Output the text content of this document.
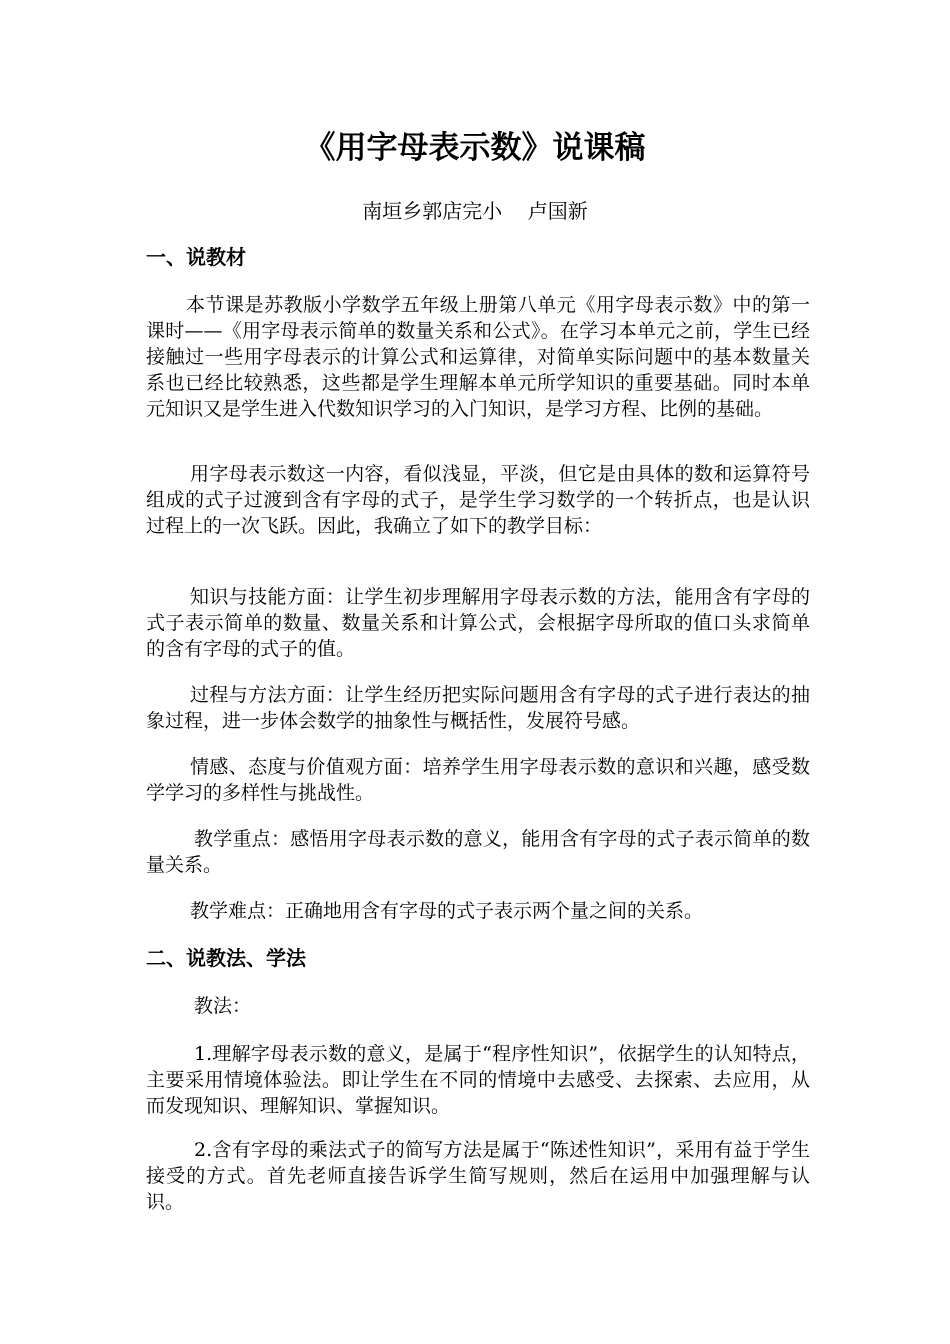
《用字母表示数》说课稿
南垣乡郭店完小    卢国新
一、说教材

本节课是苏教版小学数学五年级上册第八单元《用字母表示数》中的第一课时——《用字母表示简单的数量关系和公式》。在学习本单元之前，学生已经接触过一些用字母表示的计算公式和运算律，对简单实际问题中的基本数量关系也已经比较熟悉，这些都是学生理解本单元所学知识的重要基础。同时本单元知识又是学生进入代数知识学习的入门知识，是学习方程、比例的基础。

用字母表示数这一内容，看似浅显，平淡，但它是由具体的数和运算符号组成的式子过渡到含有字母的式子，是学生学习数学的一个转折点，也是认识过程上的一次飞跃。因此，我确立了如下的教学目标：

知识与技能方面：让学生初步理解用字母表示数的方法，能用含有字母的式子表示简单的数量、数量关系和计算公式，会根据字母所取的值口头求简单的含有字母的式子的值。

过程与方法方面：让学生经历把实际问题用含有字母的式子进行表达的抽象过程，进一步体会数学的抽象性与概括性，发展符号感。

情感、态度与价值观方面：培养学生用字母表示数的意识和兴趣，感受数学学习的多样性与挑战性。

教学重点：感悟用字母表示数的意义，能用含有字母的式子表示简单的数量关系。

教学难点：正确地用含有字母的式子表示两个量之间的关系。

二、说教法、学法

教法：

1.理解字母表示数的意义，是属于“程序性知识”，依据学生的认知特点，主要采用情境体验法。即让学生在不同的情境中去感受、去探索、去应用，从而发现知识、理解知识、掌握知识。

2.含有字母的乘法式子的简写方法是属于“陈述性知识”，采用有益于学生接受的方式。首先老师直接告诉学生简写规则，然后在运用中加强理解与认识。
